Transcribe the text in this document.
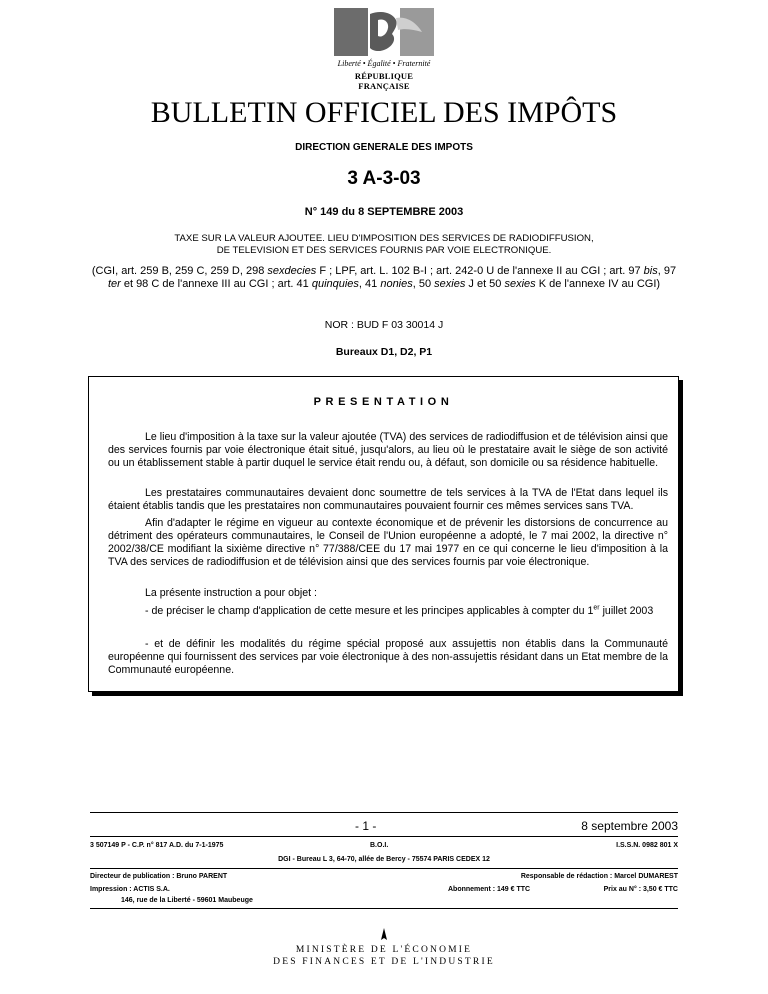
Liberté • Égalité • Fraternité
RÉPUBLIQUE FRANÇAISE
BULLETIN OFFICIEL DES IMPÔTS
DIRECTION GENERALE DES IMPOTS
3 A-3-03
N° 149 du 8 SEPTEMBRE 2003
TAXE SUR LA VALEUR AJOUTEE. LIEU D'IMPOSITION DES SERVICES DE RADIODIFFUSION,
DE TELEVISION ET DES SERVICES FOURNIS PAR VOIE ELECTRONIQUE.
(CGI, art. 259 B, 259 C, 259 D, 298 sexdecies F ; LPF, art. L. 102 B-I ; art. 242-0 U de l'annexe II au CGI ; art. 97 bis, 97 ter et 98 C de l'annexe III au CGI ; art. 41 quinquies, 41 nonies, 50 sexies J et 50 sexies K de l'annexe IV au CGI)
NOR : BUD F 03 30014 J
Bureaux D1, D2, P1
PRESENTATION
Le lieu d'imposition à la taxe sur la valeur ajoutée (TVA) des services de radiodiffusion et de télévision ainsi que des services fournis par voie électronique était situé, jusqu'alors, au lieu où le prestataire avait le siège de son activité ou un établissement stable à partir duquel le service était rendu ou, à défaut, son domicile ou sa résidence habituelle.
Les prestataires communautaires devaient donc soumettre de tels services à la TVA de l'Etat dans lequel ils étaient établis tandis que les prestataires non communautaires pouvaient fournir ces mêmes services sans TVA.
Afin d'adapter le régime en vigueur au contexte économique et de prévenir les distorsions de concurrence au détriment des opérateurs communautaires, le Conseil de l'Union européenne a adopté, le 7 mai 2002, la directive n° 2002/38/CE modifiant la sixième directive n° 77/388/CEE du 17 mai 1977 en ce qui concerne le lieu d'imposition à la TVA des services de radiodiffusion et de télévision ainsi que des services fournis par voie électronique.
La présente instruction a pour objet :
- de préciser le champ d'application de cette mesure et les principes applicables à compter du 1er juillet 2003
- et de définir les modalités du régime spécial proposé aux assujettis non établis dans la Communauté européenne qui fournissent des services par voie électronique à des non-assujettis résidant dans un Etat membre de la Communauté européenne.
- 1 -	8 septembre 2003
3 507149 P - C.P. n° 817 A.D. du 7-1-1975	B.O.I.	I.S.S.N. 0982 801 X
DGI - Bureau L 3, 64-70, allée de Bercy - 75574 PARIS CEDEX 12
Directeur de publication : Bruno PARENT	Responsable de rédaction : Marcel DUMAREST
Impression : ACTIS S.A.	Abonnement : 149 € TTC	Prix au N° : 3,50 € TTC
146, rue de la Liberté - 59601 Maubeuge
MINISTÈRE DE L'ÉCONOMIE
DES FINANCES ET DE L'INDUSTRIE
